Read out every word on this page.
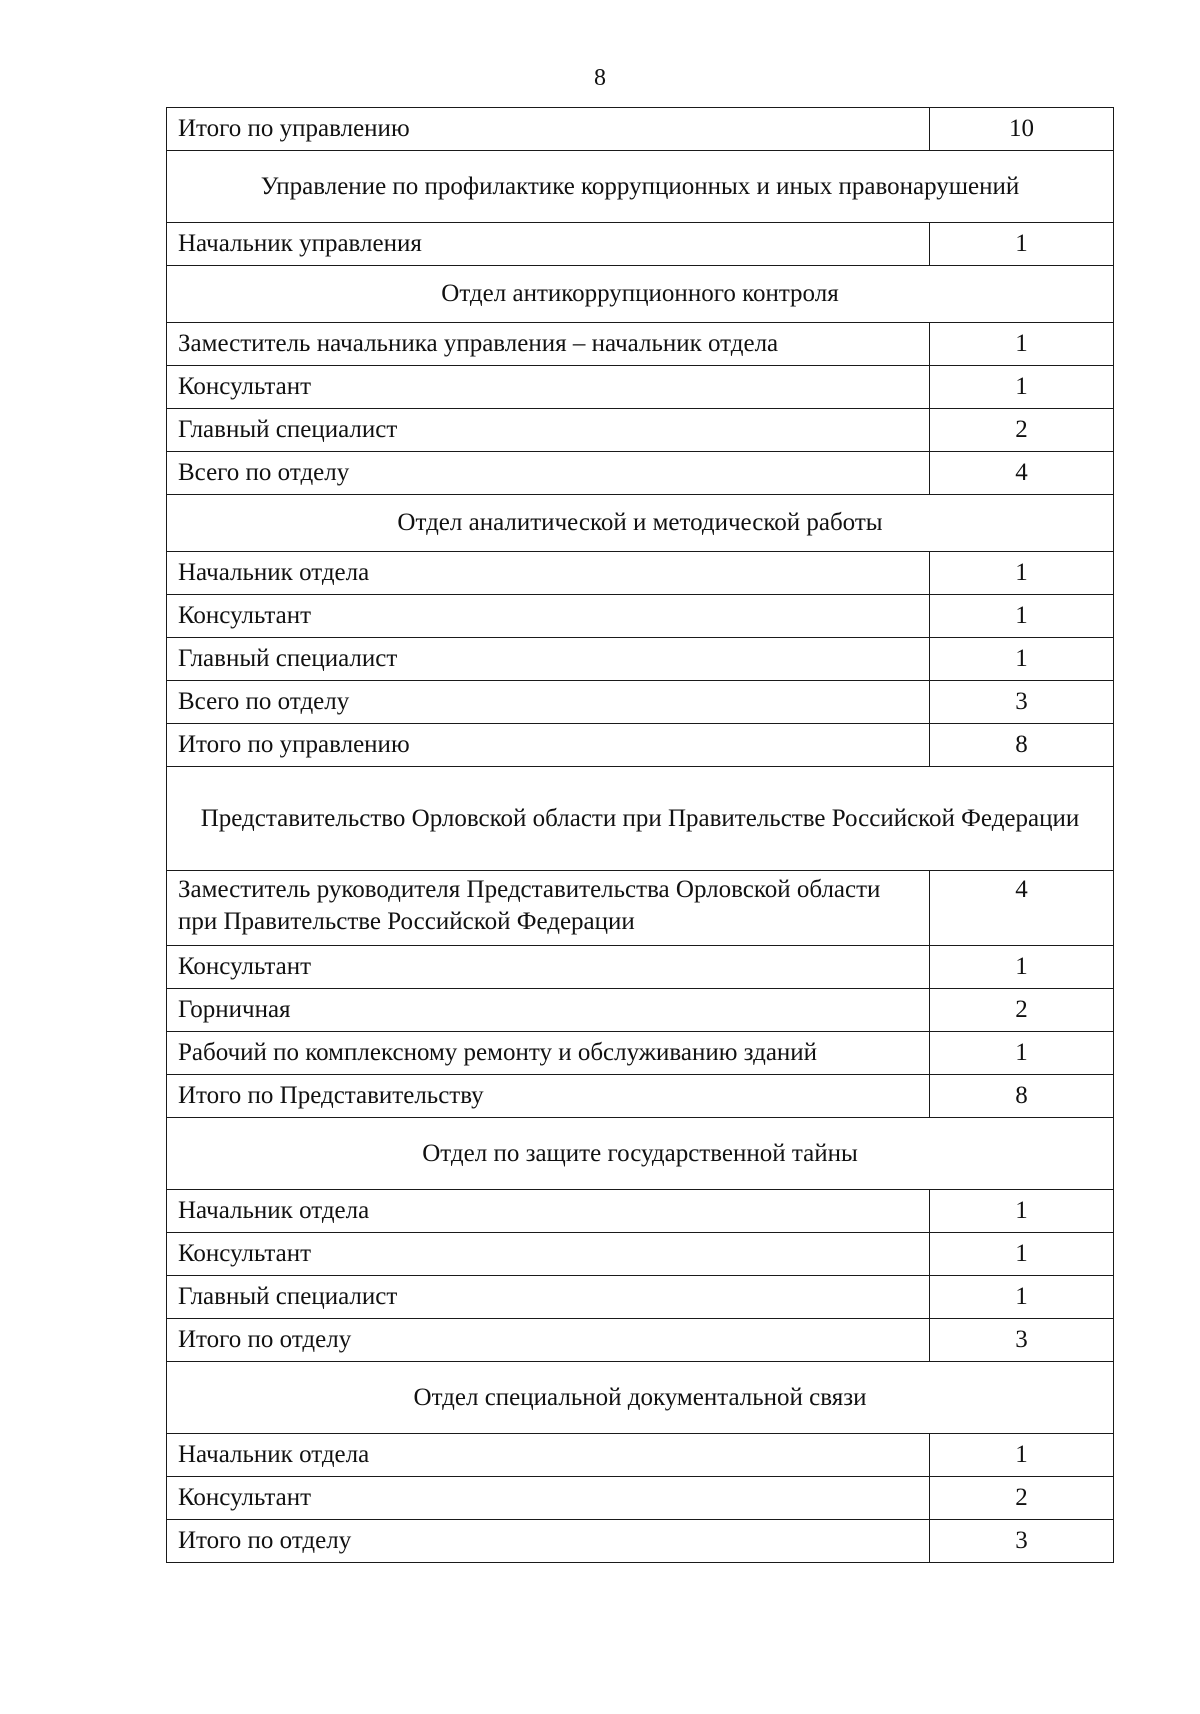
8
Итого по управлению	10
Управление по профилактике коррупционных и иных правонарушений	
Начальник управления	1
Отдел антикоррупционного контроля	
Заместитель начальника управления – начальник отдела	1
Консультант	1
Главный специалист	2
Всего по отделу	4
Отдел аналитической и методической работы	
Начальник отдела	1
Консультант	1
Главный специалист	1
Всего по отделу	3
Итого по управлению	8
Представительство Орловской области при Правительстве Российской Федерации	
Заместитель руководителя Представительства Орловской области при Правительстве Российской Федерации	4
Консультант	1
Горничная	2
Рабочий по комплексному ремонту и обслуживанию зданий	1
Итого по Представительству	8
Отдел по защите государственной тайны	
Начальник отдела	1
Консультант	1
Главный специалист	1
Итого по отделу	3
Отдел специальной документальной связи	
Начальник отдела	1
Консультант	2
Итого по отделу	3
